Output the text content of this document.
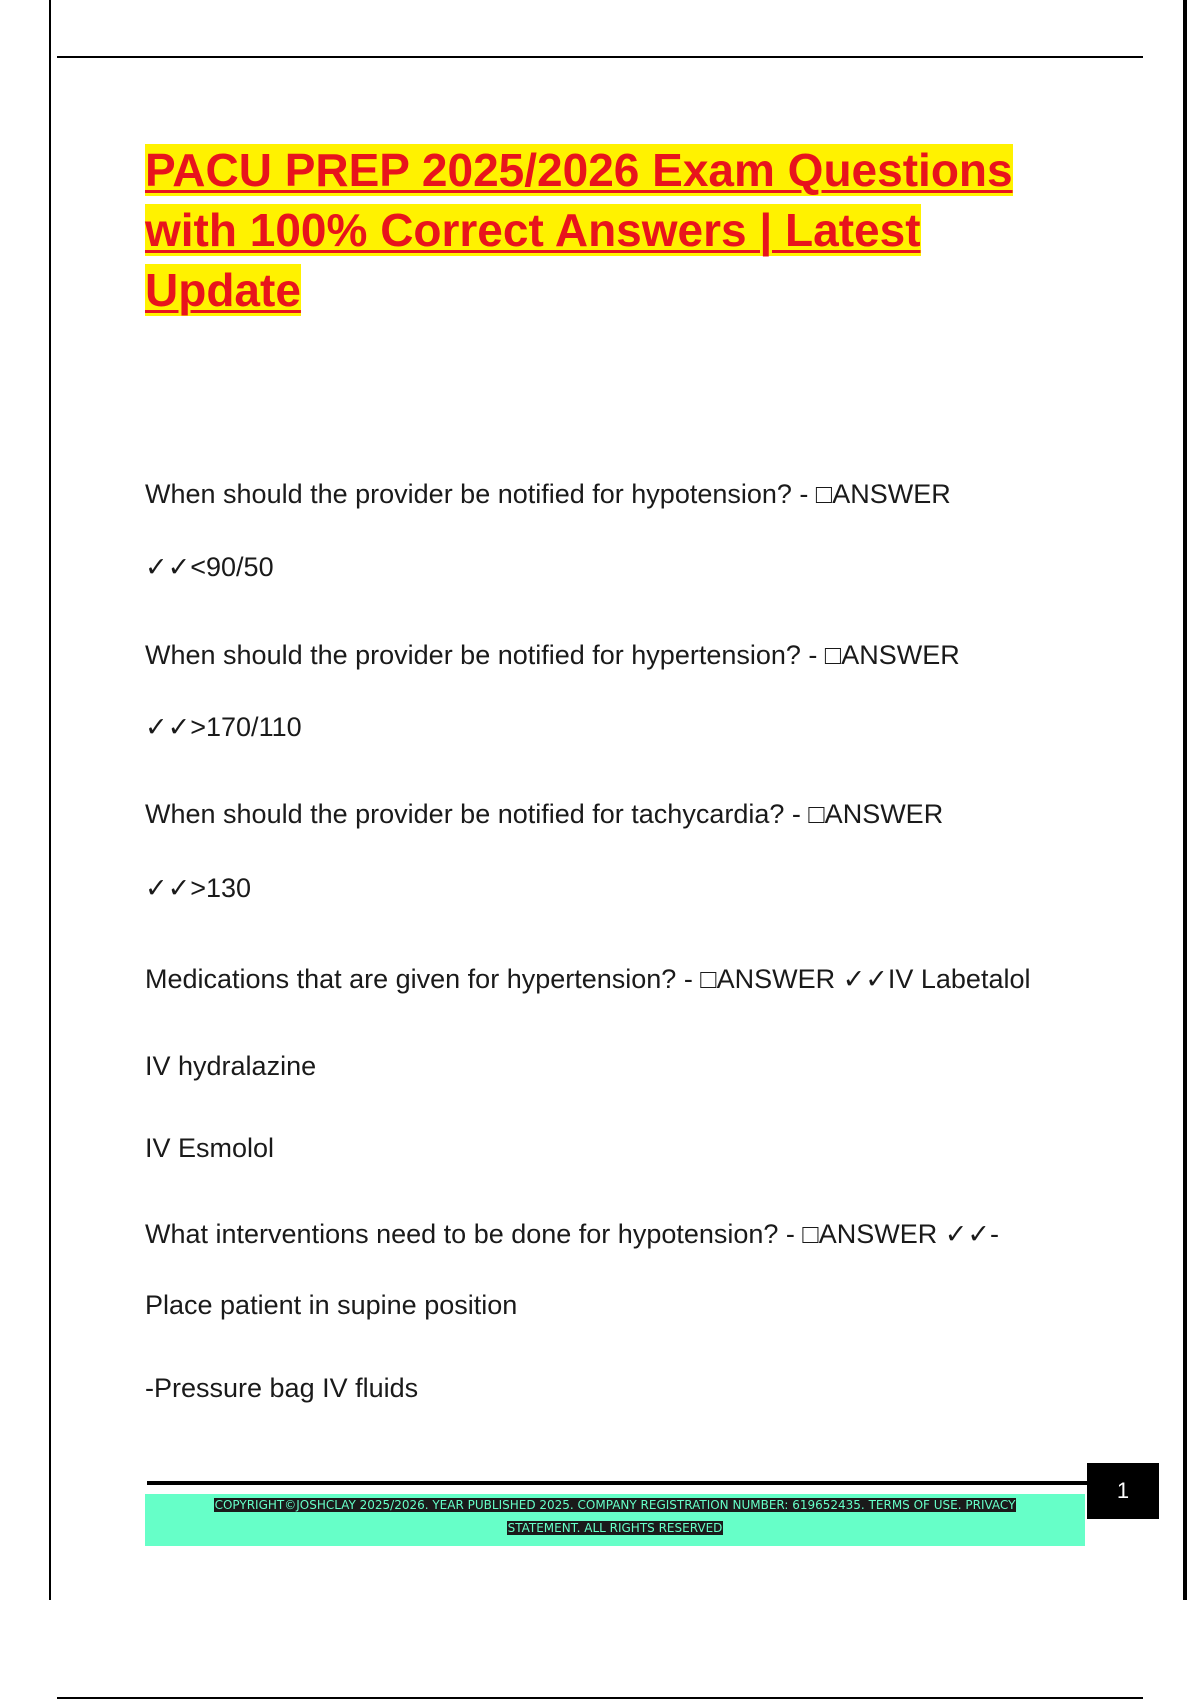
PACU PREP 2025/2026 Exam Questions with 100% Correct Answers | Latest Update

When should the provider be notified for hypotension? - □ANSWER

✓✓<90/50

When should the provider be notified for hypertension? - □ANSWER

✓✓>170/110

When should the provider be notified for tachycardia? - □ANSWER

✓✓>130

Medications that are given for hypertension? - □ANSWER ✓✓IV Labetalol

IV hydralazine

IV Esmolol

What interventions need to be done for hypotension? - □ANSWER ✓✓-

Place patient in supine position

-Pressure bag IV fluids

COPYRIGHT©JOSHCLAY 2025/2026. YEAR PUBLISHED 2025. COMPANY REGISTRATION NUMBER: 619652435. TERMS OF USE. PRIVACY
STATEMENT. ALL RIGHTS RESERVED
1
